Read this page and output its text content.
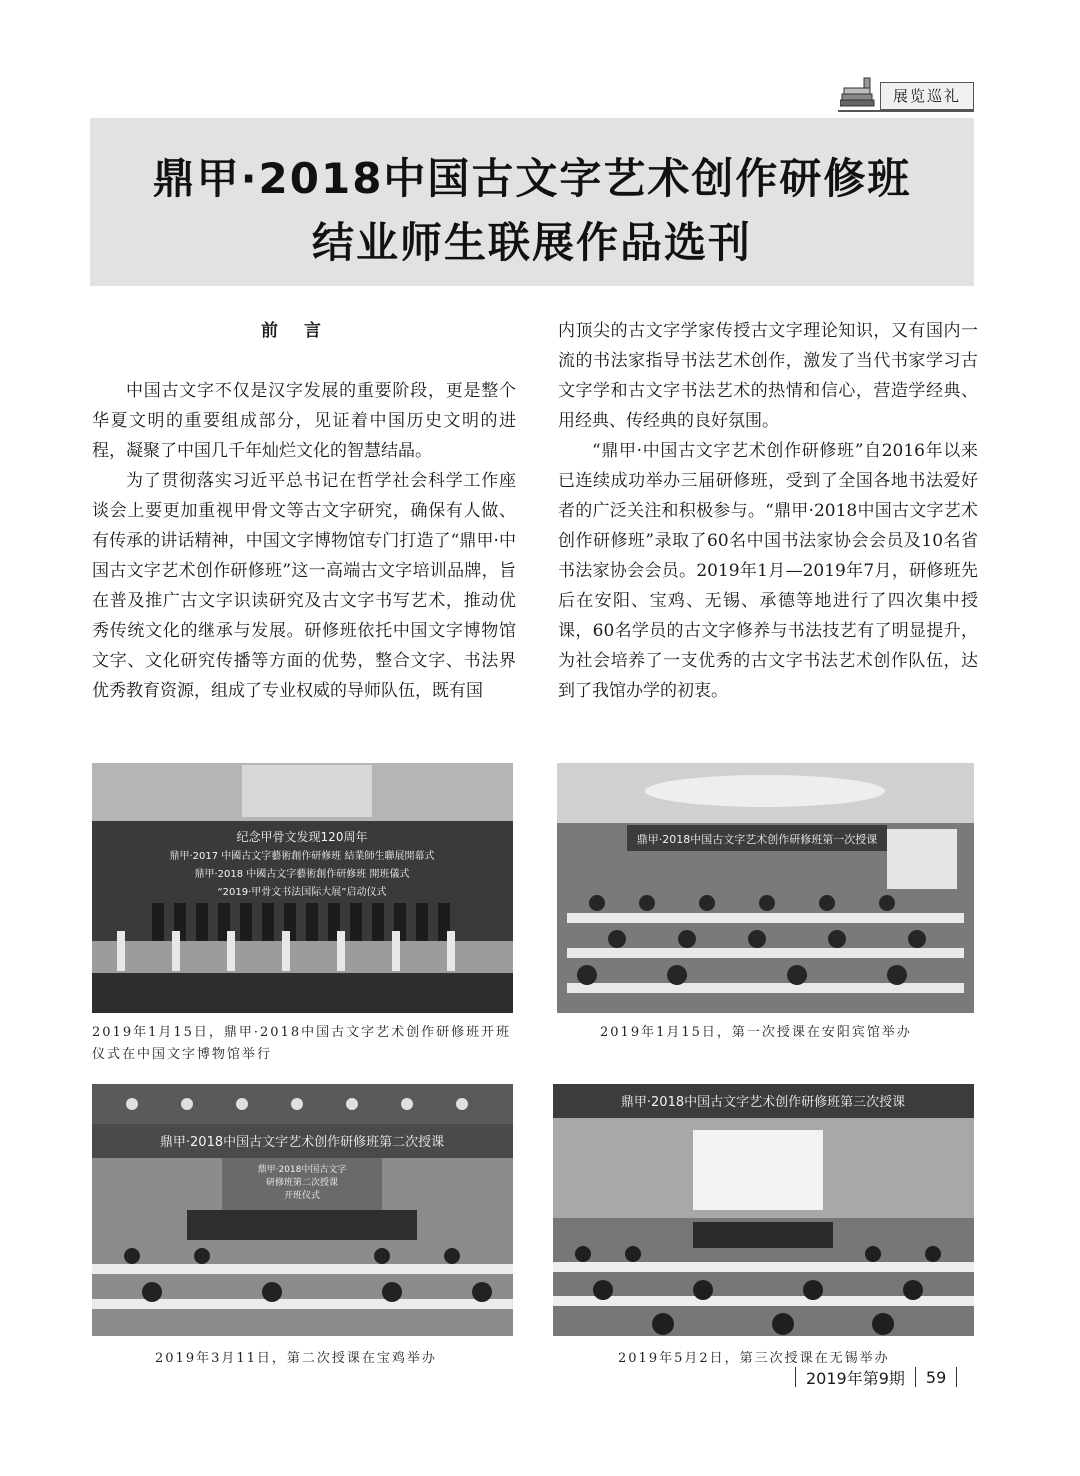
展览巡礼
鼎甲·2018中国古文字艺术创作研修班
结业师生联展作品选刊
前言

中国古文字不仅是汉字发展的重要阶段，更是整个华夏文明的重要组成部分，见证着中国历史文明的进程，凝聚了中国几千年灿烂文化的智慧结晶。

为了贯彻落实习近平总书记在哲学社会科学工作座谈会上要更加重视甲骨文等古文字研究，确保有人做、有传承的讲话精神，中国文字博物馆专门打造了“鼎甲·中国古文字艺术创作研修班”这一高端古文字培训品牌，旨在普及推广古文字识读研究及古文字书写艺术，推动优秀传统文化的继承与发展。研修班依托中国文字博物馆文字、文化研究传播等方面的优势，整合文字、书法界优秀教育资源，组成了专业权威的导师队伍，既有国

内顶尖的古文字学家传授古文字理论知识，又有国内一流的书法家指导书法艺术创作，激发了当代书家学习古文字学和古文字书法艺术的热情和信心，营造学经典、用经典、传经典的良好氛围。

“鼎甲·中国古文字艺术创作研修班”自2016年以来已连续成功举办三届研修班，受到了全国各地书法爱好者的广泛关注和积极参与。“鼎甲·2018中国古文字艺术创作研修班”录取了60名中国书法家协会会员及10名省书法家协会会员。2019年1月—2019年7月，研修班先后在安阳、宝鸡、无锡、承德等地进行了四次集中授课，60名学员的古文字修养与书法技艺有了明显提升，为社会培养了一支优秀的古文字书法艺术创作队伍，达到了我馆办学的初衷。

纪念甲骨文发现120周年
鼎甲·2017 中國古文字藝術創作研修班 結業師生聯展開幕式
鼎甲·2018 中國古文字藝術創作研修班 開班儀式
“2019·甲骨文书法国际大展”启动仪式
2019年1月15日，鼎甲·2018中国古文字艺术创作研修班开班仪式在中国文字博物馆举行
鼎甲·2018中国古文字艺术创作研修班第一次授课
2019年1月15日，第一次授课在安阳宾馆举办
鼎甲·2018中国古文字艺术创作研修班第二次授课
鼎甲·2018中国古文字
研修班第二次授课
开班仪式
2019年3月11日，第二次授课在宝鸡举办
鼎甲·2018中国古文字艺术创作研修班第三次授课
2019年5月2日，第三次授课在无锡举办
2019年第9期 59
